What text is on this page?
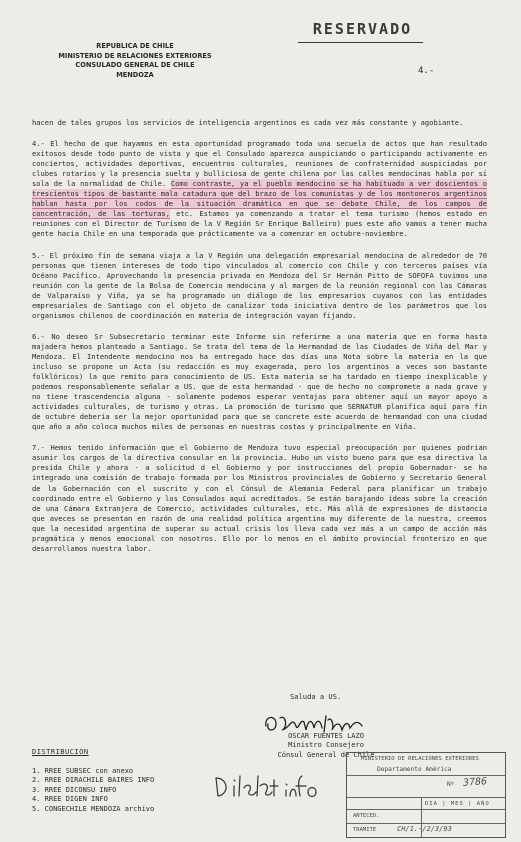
REPUBLICA DE CHILE
MINISTERIO DE RELACIONES EXTERIORES
CONSULADO GENERAL DE CHILE
MENDOZA
RESERVADO
4.-

hacen de tales grupos los servicios de inteligencia argentinos es cada vez más constante y agobiante.

4.- El hecho de que hayamos en esta oportunidad programado toda una secuela de actos que han resultado exitosos desde todo punto de vista y que el Consulado aparezca auspiciando o participando activamente en conciertos, actividades deportivas, encuentros culturales, reuniones de confraternidad auspiciadas por clubes rotarios y la presencia suelta y bulliciosa de gente chilena por las calles mendocinas habla por sí sola de la normalidad de Chile. Como contraste, ya el pueblo mendocino se ha habituado a ver doscientos o trescientos tipos de bastante mala catadura que del brazo de los comunistas y de los montoneros argentinos hablan hasta por los codos de la situación dramática en que se debate Chile, de los campos de concentración, de las torturas, etc. Estamos ya comenzando a tratar el tema turismo (hemos estado en reuniones con el Director de Turismo de la V Región Sr Enrique Balleiro) pues este año vamos a tener mucha gente hacia Chile en una temporada que prácticamente va a comenzar en octubre-noviembre.

5.- El próximo fin de semana viaja a la V Región una delegación empresarial mendocina de alrededor de 70 personas que tienen intereses de todo tipo vinculados al comercio con Chile y con terceros países vía Océano Pacífico. Aprovechando la presencia privada en Mendoza del Sr Hernán Pitto de SOFOFA tuvimos una reunión con la gente de la Bolsa de Comercio mendocina y al margen de la reunión regional con las Cámaras de Valparaíso y Viña, ya se ha programado un diálogo de los empresarios cuyanos con las entidades empresariales de Santiago con el objeto de canalizar toda iniciativa dentro de los parámetros que los organismos chilenos de coordinación en materia de integración vayan fijando.

6.- No deseo Sr Subsecretario terminar este Informe sin referirme a una materia que en forma hasta majadera hemos planteado a Santiago. Se trata del tema de la Hermandad de las Ciudades de Viña del Mar y Mendoza. El Intendente mendocino nos ha entregado hace dos días una Nota sobre la materia en la que incluso se propone un Acta (su redacción es muy exagerada, pero los argentinos a veces son bastante folklóricos) la que remito para conocimiento de US. Esta materia se ha tardado en tiempo inexplicable y podemos responsablemente señalar a US. que de esta hermandad - que de hecho no compromete a nada grave y no tiene trascendencia alguna - solamente podemos esperar ventajas para obtener aquí un mayor apoyo a actividades culturales, de turismo y otras. La promoción de turismo que SERNATUR planifica aquí para fin de octubre debería ser la mejor oportunidad para que se concrete este acuerdo de hermandad con una ciudad que año a año coloca muchos miles de personas en nuestras costas y principalmente en Viña.

7.- Hemos tenido información que el Gobierno de Mendoza tuvo especial preocupación por quienes podrían asumir los cargos de la directiva consular en la provincia. Hubo un visto bueno para que esa directiva la presida Chile y ahora - a solicitud d el Gobierno y por instrucciones del propio Gobernador- se ha integrado una comisión de trabajo formada por los Ministros provinciales de Gobierno y Secretario General de la Gobernación con el suscrito y con el Cónsul de Alemania Federal para planificar un trabajo coordinado entre el Gobierno y los Consulados aquí acreditados. Se están barajando ideas sobre la creación de una Cámara Extranjera de Comercio, actividades culturales, etc. Más allá de expresiones de distancia que aveces se presentan en razón de una realidad política argentina muy diferente de la nuestra, creemos que la necesidad argentina de superar su actual crisis los lleva cada vez más a un campo de acción más pragmática y menos emocional con nosotros. Ello por lo menos en el ámbito provincial fronterizo en que desarrollamos nuestra labor.

Saluda a US.
OSCAR FUENTES LAZO
Ministro Consejero
Cónsul General de Chile
DISTRIBUCION
1. RREE SUBSEC con anexo
2. RREE DIRACHILE BAIRES INFO
3. RREE DICONSU INFO
4. RREE DIGEN INFO
5. CONGECHILE MENDOZA archivo
MINISTERIO DE RELACIONES EXTERIORES
Departamento América
Nº 3786
DIA | MES | AÑO
ANTECED.
TRAMITE	CH/1.-/2/3/93
